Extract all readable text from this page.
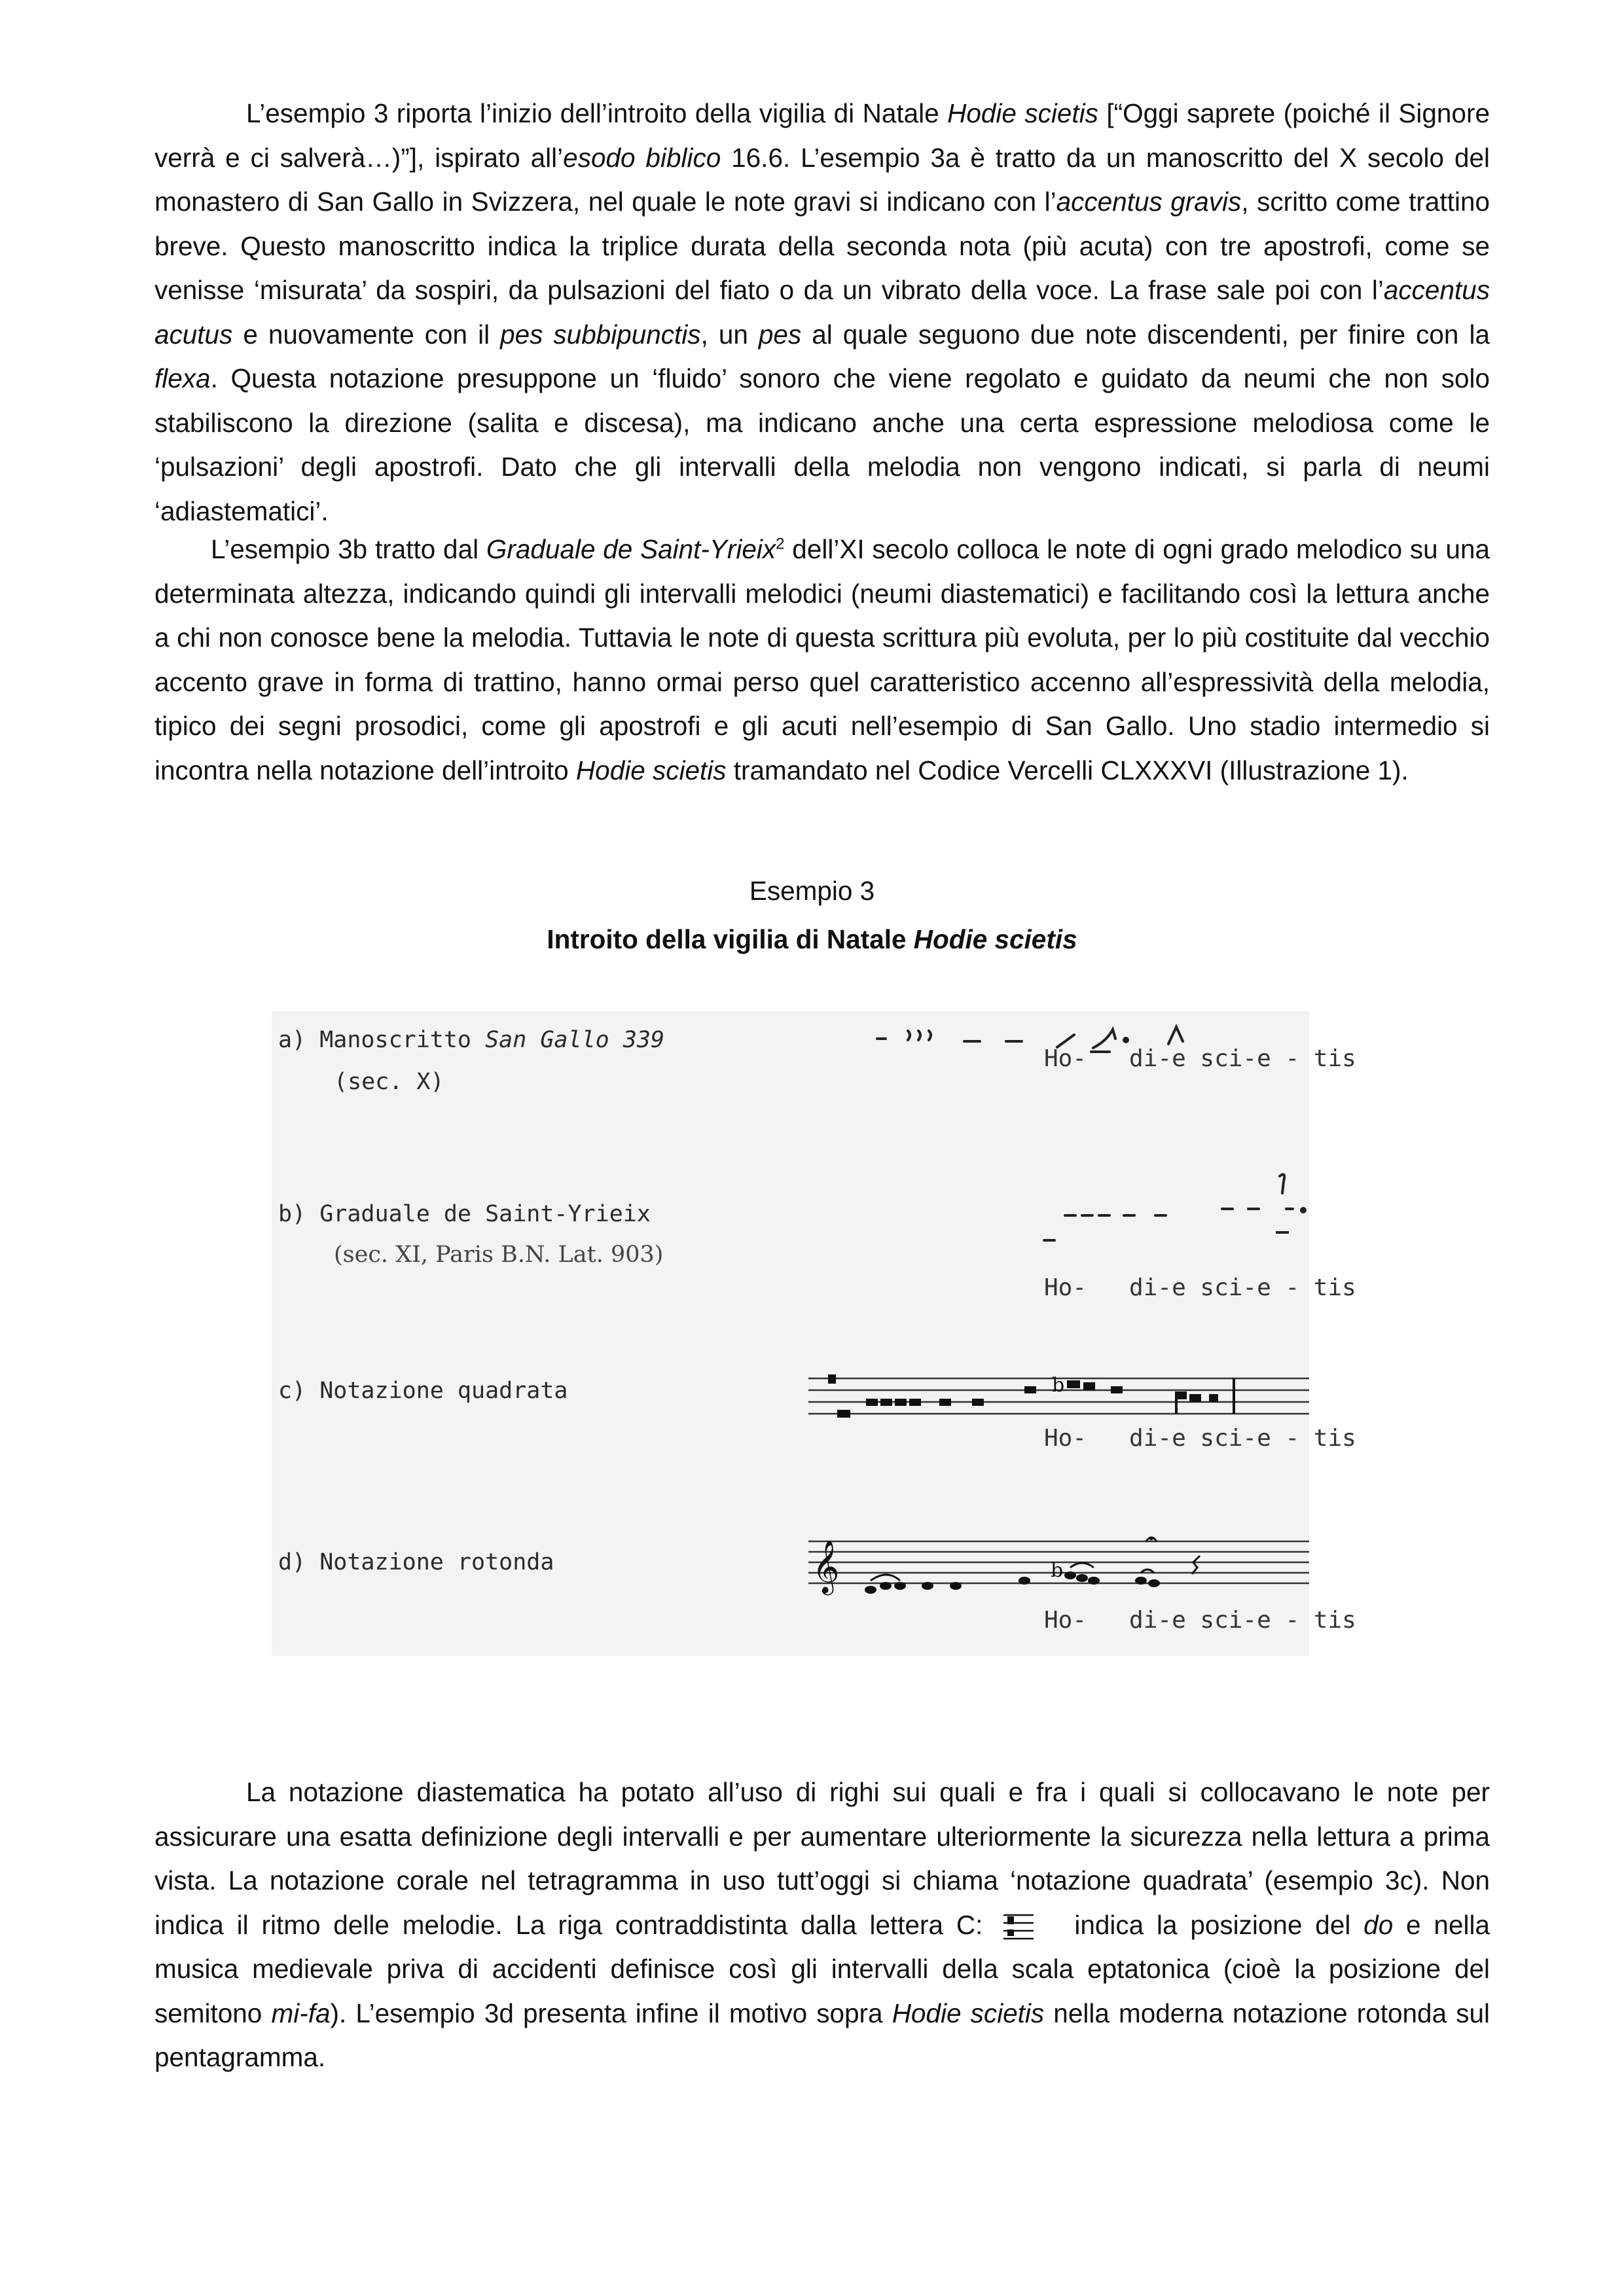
L’esempio 3 riporta l’inizio dell’introito della vigilia di Natale Hodie scietis [“Oggi saprete (poiché il Signore verrà e ci salverà…)”], ispirato all’esodo biblico 16.6. L’esempio 3a è tratto da un manoscritto del X secolo del monastero di San Gallo in Svizzera, nel quale le note gravi si indicano con l’accentus gravis, scritto come trattino breve. Questo manoscritto indica la triplice durata della seconda nota (più acuta) con tre apostrofi, come se venisse ‘misurata’ da sospiri, da pulsazioni del fiato o da un vibrato della voce. La frase sale poi con l’accentus acutus e nuovamente con il pes subbipunctis, un pes al quale seguono due note discendenti, per finire con la flexa. Questa notazione presuppone un ‘fluido’ sonoro che viene regolato e guidato da neumi che non solo stabiliscono la direzione (salita e discesa), ma indicano anche una certa espressione melodiosa come le ‘pulsazioni’ degli apostrofi. Dato che gli intervalli della melodia non vengono indicati, si parla di neumi ‘adiastematici’.

L’esempio 3b tratto dal Graduale de Saint-Yrieix$^2$ dell’XI secolo colloca le note di ogni grado melodico su una determinata altezza, indicando quindi gli intervalli melodici (neumi diastematici) e facilitando così la lettura anche a chi non conosce bene la melodia. Tuttavia le note di questa scrittura più evoluta, per lo più costituite dal vecchio accento grave in forma di trattino, hanno ormai perso quel caratteristico accenno all’espressività della melodia, tipico dei segni prosodici, come gli apostrofi e gli acuti nell’esempio di San Gallo. Uno stadio intermedio si incontra nella notazione dell’introito Hodie scietis tramandato nel Codice Vercelli CLXXXVI (Illustrazione 1).

Esempio 3

Introito della vigilia di Natale Hodie scietis

a) Manoscritto San Gallo 339
(sec. X)
Ho-   di-e sci-e - tis
b) Graduale de Saint-Yrieix
(sec. XI, Paris B.N. Lat. 903)
Ho-   di-e sci-e - tis
c) Notazione quadrata	b
Ho-   di-e sci-e - tis
d) Notazione rotonda	𝄞	b
Ho-   di-e sci-e - tis

La notazione diastematica ha potato all’uso di righi sui quali e fra i quali si collocavano le note per assicurare una esatta definizione degli intervalli e per aumentare ulteriormente la sicurezza nella lettura a prima vista. La notazione corale nel tetragramma in uso tutt’oggi si chiama ‘notazione quadrata’ (esempio 3c). Non indica il ritmo delle melodie. La riga contraddistinta dalla lettera C:	indica la posizione del do e nella musica medievale priva di accidenti definisce così gli intervalli della scala eptatonica (cioè la posizione del semitono mi-fa). L’esempio 3d presenta infine il motivo sopra Hodie scietis nella moderna notazione rotonda sul pentagramma.
